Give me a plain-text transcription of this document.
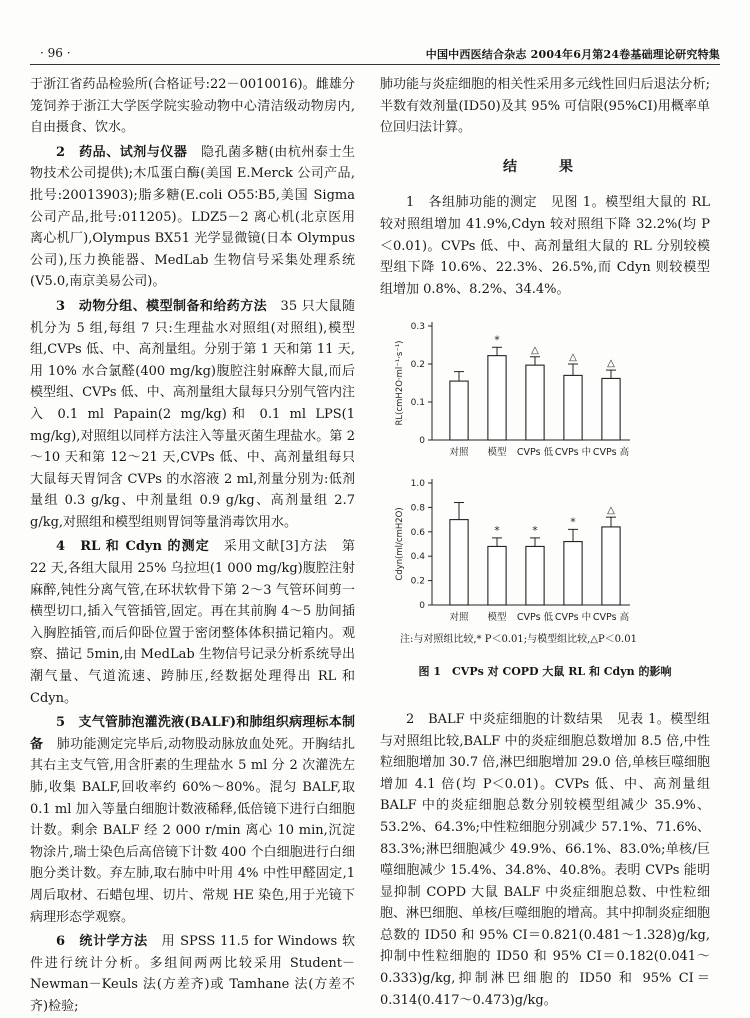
· 96 ·	中国中西医结合杂志 2004年6月第24卷基础理论研究特集

于浙江省药品检验所(合格证号:22－0010016)。雌雄分笼饲养于浙江大学医学院实验动物中心清洁级动物房内,自由摄食、饮水。

2　药品、试剂与仪器　隐孔菌多糖(由杭州泰士生物技术公司提供);木瓜蛋白酶(美国 E.Merck 公司产品,批号:20013903);脂多糖(E.coli O55∶B5,美国 Sigma 公司产品,批号:011205)。LDZ5－2 离心机(北京医用离心机厂),Olympus BX51 光学显微镜(日本 Olympus 公司),压力换能器、MedLab 生物信号采集处理系统(V5.0,南京美易公司)。

3　动物分组、模型制备和给药方法　35 只大鼠随机分为 5 组,每组 7 只:生理盐水对照组(对照组),模型组,CVPs 低、中、高剂量组。分别于第 1 天和第 11 天,用 10% 水合氯醛(400 mg/kg)腹腔注射麻醉大鼠,而后模型组、CVPs 低、中、高剂量组大鼠每只分别气管内注入 0.1 ml Papain(2 mg/kg)和 0.1 ml LPS(1 mg/kg),对照组以同样方法注入等量灭菌生理盐水。第 2～10 天和第 12～21 天,CVPs 低、中、高剂量组每只大鼠每天胃饲含 CVPs 的水溶液 2 ml,剂量分别为:低剂量组 0.3 g/kg、中剂量组 0.9 g/kg、高剂量组 2.7 g/kg,对照组和模型组则胃饲等量消毒饮用水。

4　RL 和 Cdyn 的测定　采用文献[3]方法　第 22 天,各组大鼠用 25% 乌拉坦(1 000 mg/kg)腹腔注射麻醉,钝性分离气管,在环状软骨下第 2～3 气管环间剪一横型切口,插入气管插管,固定。再在其前胸 4～5 肋间插入胸腔插管,而后仰卧位置于密闭整体体积描记箱内。观察、描记 5min,由 MedLab 生物信号记录分析系统导出潮气量、气道流速、跨肺压,经数据处理得出 RL 和 Cdyn。

5　支气管肺泡灌洗液(BALF)和肺组织病理标本制备　肺功能测定完毕后,动物股动脉放血处死。开胸结扎其右主支气管,用含肝素的生理盐水 5 ml 分 2 次灌洗左肺,收集 BALF,回收率约 60%～80%。混匀 BALF,取 0.1 ml 加入等量白细胞计数液稀释,低倍镜下进行白细胞计数。剩余 BALF 经 2 000 r/min 离心 10 min,沉淀物涂片,瑞士染色后高倍镜下计数 400 个白细胞进行白细胞分类计数。弃左肺,取右肺中叶用 4% 中性甲醛固定,1 周后取材、石蜡包埋、切片、常规 HE 染色,用于光镜下病理形态学观察。

6　统计学方法　用 SPSS 11.5 for Windows 软件进行统计分析。多组间两两比较采用 Student－Newman－Keuls 法(方差齐)或 Tamhane 法(方差不齐)检验;

肺功能与炎症细胞的相关性采用多元线性回归后退法分析;半数有效剂量(ID50)及其 95% 可信限(95%CI)用概率单位回归法计算。

结　果

1　各组肺功能的测定　见图 1。模型组大鼠的 RL 较对照组增加 41.9%,Cdyn 较对照组下降 32.2%(均 P＜0.01)。CVPs 低、中、高剂量组大鼠的 RL 分别较模型组下降 10.6%、22.3%、26.5%,而 Cdyn 则较模型组增加 0.8%、8.2%、34.4%。

0
0.1
0.2
0.3
RL(cmH2O·ml⁻¹·s⁻¹)
对照
*
模型
△
CVPs 低
△
CVPs 中
△
CVPs 高
0
0.2
0.4
0.6
0.8
1.0
Cdyn(ml/cmH2O)
对照
*
模型
*
CVPs 低
*
CVPs 中
△
CVPs 高

注:与对照组比较,* P＜0.01;与模型组比较,△P＜0.01

图 1　CVPs 对 COPD 大鼠 RL 和 Cdyn 的影响

2　BALF 中炎症细胞的计数结果　见表 1。模型组与对照组比较,BALF 中的炎症细胞总数增加 8.5 倍,中性粒细胞增加 30.7 倍,淋巴细胞增加 29.0 倍,单核巨噬细胞增加 4.1 倍(均 P＜0.01)。CVPs 低、中、高剂量组 BALF 中的炎症细胞总数分别较模型组减少 35.9%、53.2%、64.3%;中性粒细胞分别减少 57.1%、71.6%、83.3%;淋巴细胞减少 49.9%、66.1%、83.0%;单核/巨噬细胞减少 15.4%、34.8%、40.8%。表明 CVPs 能明显抑制 COPD 大鼠 BALF 中炎症细胞总数、中性粒细胞、淋巴细胞、单核/巨噬细胞的增高。其中抑制炎症细胞总数的 ID50 和 95% CI＝0.821(0.481～1.328)g/kg,抑制中性粒细胞的 ID50 和 95% CI＝0.182(0.041～0.333)g/kg,抑制淋巴细胞的 ID50 和 95% CI＝0.314(0.417～0.473)g/kg。
